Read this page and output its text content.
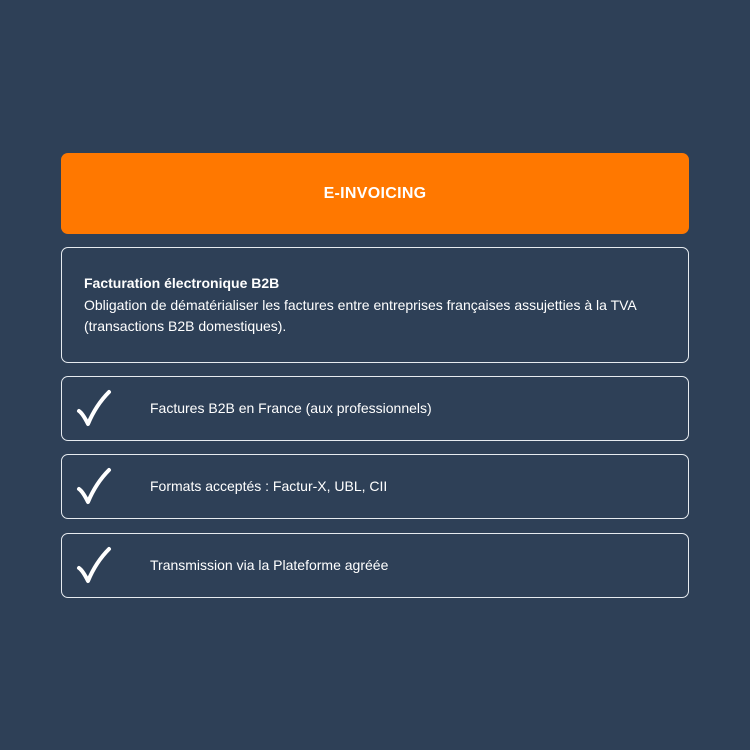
E-INVOICING
Facturation électronique B2B
Obligation de dématérialiser les factures entre entreprises françaises assujetties à la TVA (transactions B2B domestiques).
Factures B2B en France (aux professionnels)
Formats acceptés : Factur-X, UBL, CII
Transmission via la Plateforme agréée
